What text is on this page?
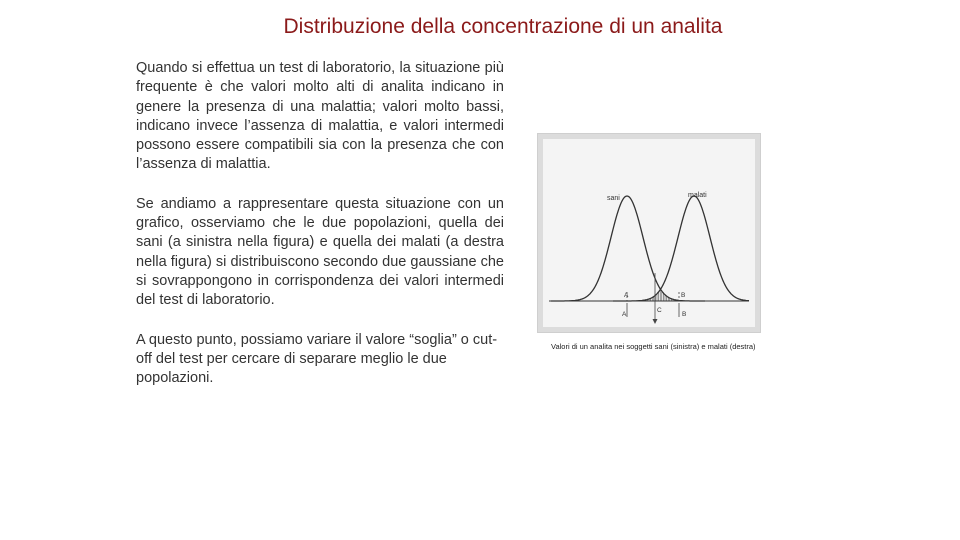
Distribuzione della concentrazione di un analita

Quando si effettua un test di laboratorio, la situazione più frequente è che valori molto alti di analita indicano in genere la presenza di una malattia; valori molto bassi, indicano invece l’assenza di malattia, e valori intermedi possono essere compatibili sia con la presenza che con l’assenza di malattia.

Se andiamo a rappresentare questa situazione con un grafico, osserviamo che le due popolazioni, quella dei sani (a sinistra nella figura) e quella dei malati (a destra nella figura) si distribuiscono secondo due gaussiane che si sovrappongono in corrispondenza dei valori intermedi del test di laboratorio.

A questo punto, possiamo variare il valore “soglia” o cut-off del test per cercare di separare meglio le due popolazioni.

sani	malati
A	B
A
C
B
Valori di un analita nei soggetti sani (sinistra) e malati (destra)
